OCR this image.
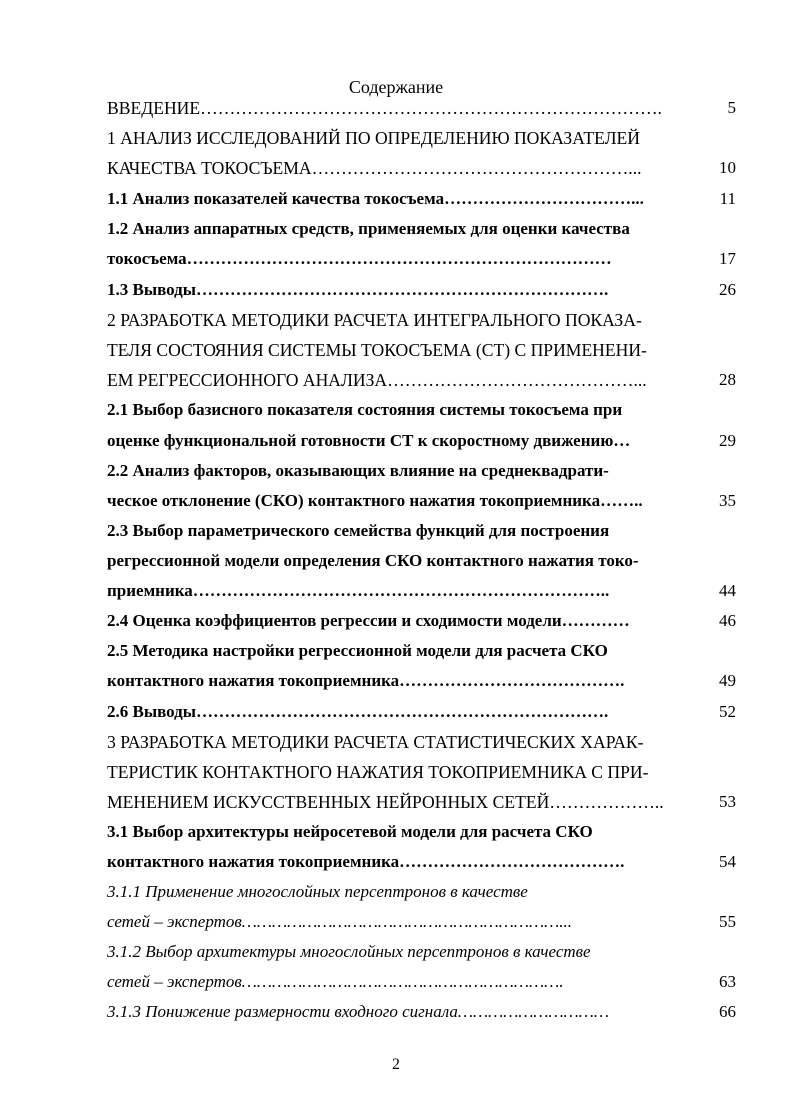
Содержание
ВВЕДЕНИЕ…………………………………………………………………….
1 АНАЛИЗ ИССЛЕДОВАНИЙ ПО ОПРЕДЕЛЕНИЮ ПОКАЗАТЕЛЕЙ
КАЧЕСТВА ТОКОСЪЕМА………………………………………………...
1.1 Анализ показателей качества токосъема……………………………...
1.2 Анализ аппаратных средств, применяемых для оценки качества
токосъема…………………………………………………………………
1.3 Выводы……………………………………………………………….
2 РАЗРАБОТКА МЕТОДИКИ РАСЧЕТА ИНТЕГРАЛЬНОГО ПОКАЗА-
ТЕЛЯ СОСТОЯНИЯ СИСТЕМЫ ТОКОСЪЕМА (СТ) С ПРИМЕНЕНИ-
ЕМ РЕГРЕССИОННОГО АНАЛИЗА……………………………………...
2.1 Выбор базисного показателя состояния системы токосъема при
оценке функциональной готовности СТ к скоростному движению…
2.2 Анализ факторов, оказывающих влияние на среднеквадрати-
ческое отклонение (СКО) контактного нажатия токоприемника……..
2.3 Выбор параметрического семейства функций для построения
регрессионной модели определения СКО контактного нажатия токо-
приемника………………………………………………………………..
2.4 Оценка коэффициентов регрессии и сходимости модели…………
2.5 Методика настройки регрессионной модели для расчета СКО
контактного нажатия токоприемника………………………………….
2.6 Выводы……………………………………………………………….
3 РАЗРАБОТКА МЕТОДИКИ РАСЧЕТА СТАТИСТИЧЕСКИХ ХАРАК-
ТЕРИСТИК КОНТАКТНОГО НАЖАТИЯ ТОКОПРИЕМНИКА С ПРИ-
МЕНЕНИЕМ ИСКУССТВЕННЫХ НЕЙРОННЫХ СЕТЕЙ………………..
3.1 Выбор архитектуры нейросетевой модели для расчета СКО
контактного нажатия токоприемника………………………………….
3.1.1 Применение многослойных персептронов в качестве
сетей – экспертов………………………………………………………...
3.1.2 Выбор архитектуры многослойных персептронов в качестве
сетей – экспертов……………………………………………………….
3.1.3 Понижение размерности входного сигнала…………………………
5
10
11
17
26
28
29
35
44
46
49
52
53
54
55
63
66
2
